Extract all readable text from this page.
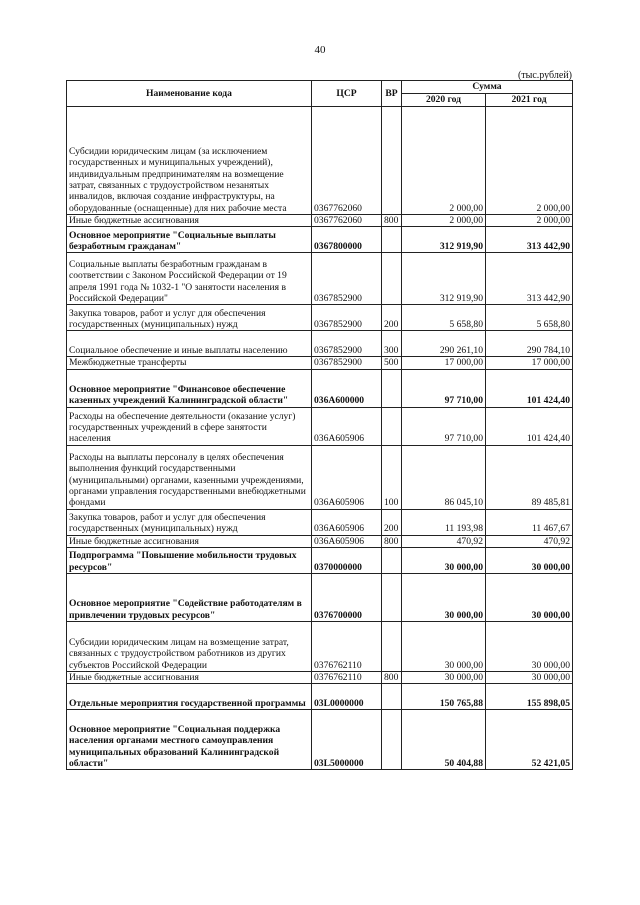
40
(тыс.рублей)
Наименование кода	ЦСР	ВР	Сумма	
			2020 год	2021 год
Субсидии юридическим лицам (за исключением государственных и муниципальных учреждений), индивидуальным предпринимателям на возмещение затрат, связанных с трудоустройством незанятых инвалидов, включая создание инфраструктуры, на оборудованные (оснащенные) для них рабочие места	0367762060		2 000,00	2 000,00
Иные бюджетные ассигнования	0367762060	800	2 000,00	2 000,00
Основное мероприятие "Социальные выплаты безработным гражданам"	0367800000		312 919,90	313 442,90
Социальные выплаты безработным гражданам в соответствии с Законом Российской Федерации от 19 апреля 1991 года № 1032-1 "О занятости населения в Российской Федерации"	0367852900		312 919,90	313 442,90
Закупка товаров, работ и услуг для обеспечения государственных (муниципальных) нужд	0367852900	200	5 658,80	5 658,80
Социальное обеспечение и иные выплаты населению	0367852900	300	290 261,10	290 784,10
Межбюджетные трансферты	0367852900	500	17 000,00	17 000,00
Основное мероприятие "Финансовое обеспечение казенных учреждений Калининградской области"	036А600000		97 710,00	101 424,40
Расходы на обеспечение деятельности (оказание услуг) государственных учреждений в сфере занятости населения	036А605906		97 710,00	101 424,40
Расходы на выплаты персоналу в целях обеспечения выполнения функций государственными (муниципальными) органами, казенными учреждениями, органами управления государственными внебюджетными фондами	036А605906	100	86 045,10	89 485,81
Закупка товаров, работ и услуг для обеспечения государственных (муниципальных) нужд	036А605906	200	11 193,98	11 467,67
Иные бюджетные ассигнования	036А605906	800	470,92	470,92
Подпрограмма "Повышение мобильности трудовых ресурсов"	0370000000		30 000,00	30 000,00
Основное мероприятие "Содействие работодателям в привлечении трудовых ресурсов"	0376700000		30 000,00	30 000,00
Субсидии юридическим лицам на возмещение затрат, связанных с трудоустройством работников из других субъектов Российской Федерации	0376762110		30 000,00	30 000,00
Иные бюджетные ассигнования	0376762110	800	30 000,00	30 000,00
Отдельные мероприятия государственной программы	03L0000000		150 765,88	155 898,05
Основное мероприятие "Социальная поддержка населения органами местного самоуправления муниципальных образований Калининградской области"	03L5000000		50 404,88	52 421,05
